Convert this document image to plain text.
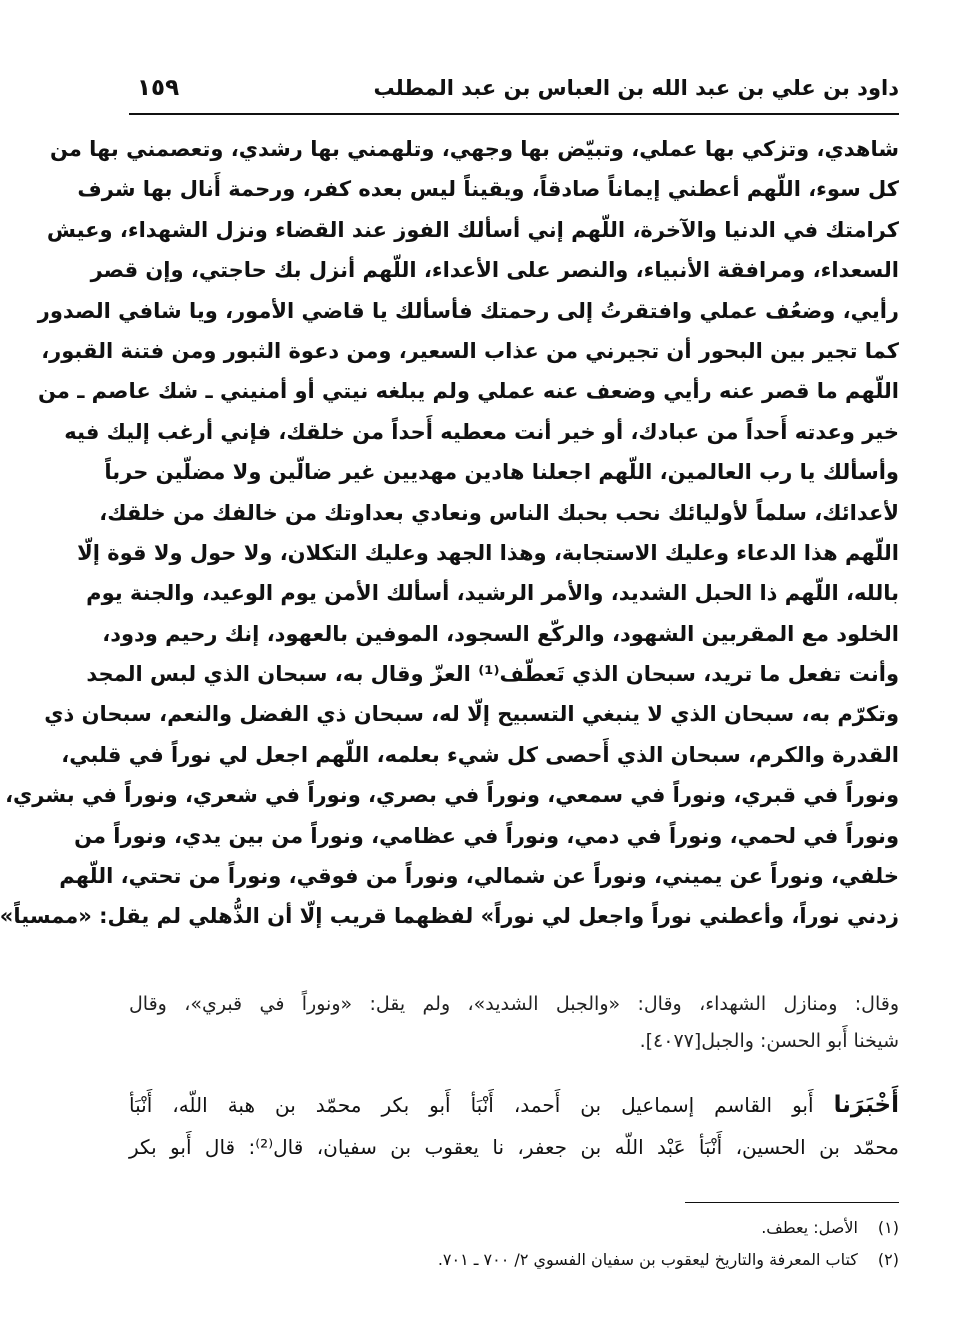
داود بن علي بن عبد الله بن العباس بن عبد المطلب
١٥٩
شاهدي، وتزكي بها عملي، وتبيّض بها وجهي، وتلهمني بها رشدي، وتعصمني بها من
كل سوء، اللّهم أعطني إيماناً صادقاً، ويقيناً ليس بعده كفر، ورحمة أَنال بها شرف
كرامتك في الدنيا والآخرة، اللّهم إني أسألك الفوز عند القضاء ونزل الشهداء، وعيش
السعداء، ومرافقة الأنبياء، والنصر على الأعداء، اللّهم أنزل بك حاجتي، وإن قصر
رأيي، وضعُف عملي وافتقرتُ إلى رحمتك فأسألك يا قاضي الأمور، ويا شافي الصدور
كما تجير بين البحور أن تجيرني من عذاب السعير، ومن دعوة الثبور ومن فتنة القبور،
اللّهم ما قصر عنه رأيي وضعف عنه عملي ولم يبلغه نيتي أو أمنيني ـ شك عاصم ـ من
خير وعدته أَحداً من عبادك، أو خير أنت معطيه أَحداً من خلقك، فإني أرغب إليك فيه
وأسألك يا رب العالمين، اللّهم اجعلنا هادين مهديين غير ضالّين ولا مضلّين حرباً
لأعدائك، سلماً لأوليائك نحب بحبك الناس ونعادي بعداوتك من خالفك من خلقك،
اللّهم هذا الدعاء وعليك الاستجابة، وهذا الجهد وعليك التكلان، ولا حول ولا قوة إلّا
بالله، اللّهم ذا الحبل الشديد، والأمر الرشيد، أسألك الأمن يوم الوعيد، والجنة يوم
الخلود مع المقربين الشهود، والركّع السجود، الموفين بالعهود، إنك رحيم ودود،
وأنت تفعل ما تريد، سبحان الذي تَعطّف⁽¹⁾ العزّ وقال به، سبحان الذي لبس المجد
وتكرّم به، سبحان الذي لا ينبغي التسبيح إلّا له، سبحان ذي الفضل والنعم، سبحان ذي
القدرة والكرم، سبحان الذي أَحصى كل شيء بعلمه، اللّهم اجعل لي نوراً في قلبي،
ونوراً في قبري، ونوراً في سمعي، ونوراً في بصري، ونوراً في شعري، ونوراً في بشري،
ونوراً في لحمي، ونوراً في دمي، ونوراً في عظامي، ونوراً من بين يدي، ونوراً من
خلفي، ونوراً عن يميني، ونوراً عن شمالي، ونوراً من فوقي، ونوراً من تحتي، اللّهم
زدني نوراً، وأعطني نوراً واجعل لي نوراً» لفظهما قريب إلّا أن الذُّهلي لم يقل: «ممسياً»
وقال: ومنازل الشهداء، وقال: «والجبل الشديد»، ولم يقل: «ونوراً في قبري»، وقال
شيخنا أَبو الحسن: والجبل[٤٠٧٧].
أَخْبَرَنا أَبو القاسم إسماعيل بن أَحمد، أَنْبَأ أَبو بكر محمّد بن هبة اللّه، أَنْبَأ
محمّد بن الحسين، أَنْبَأ عَبْد اللّه بن جعفر، نا يعقوب بن سفيان، قال⁽²⁾: قال أَبو بكر
(١) الأصل: يعطف.
(٢) كتاب المعرفة والتاريخ ليعقوب بن سفيان الفسوي ٢/ ٧٠٠ ـ ٧٠١.
